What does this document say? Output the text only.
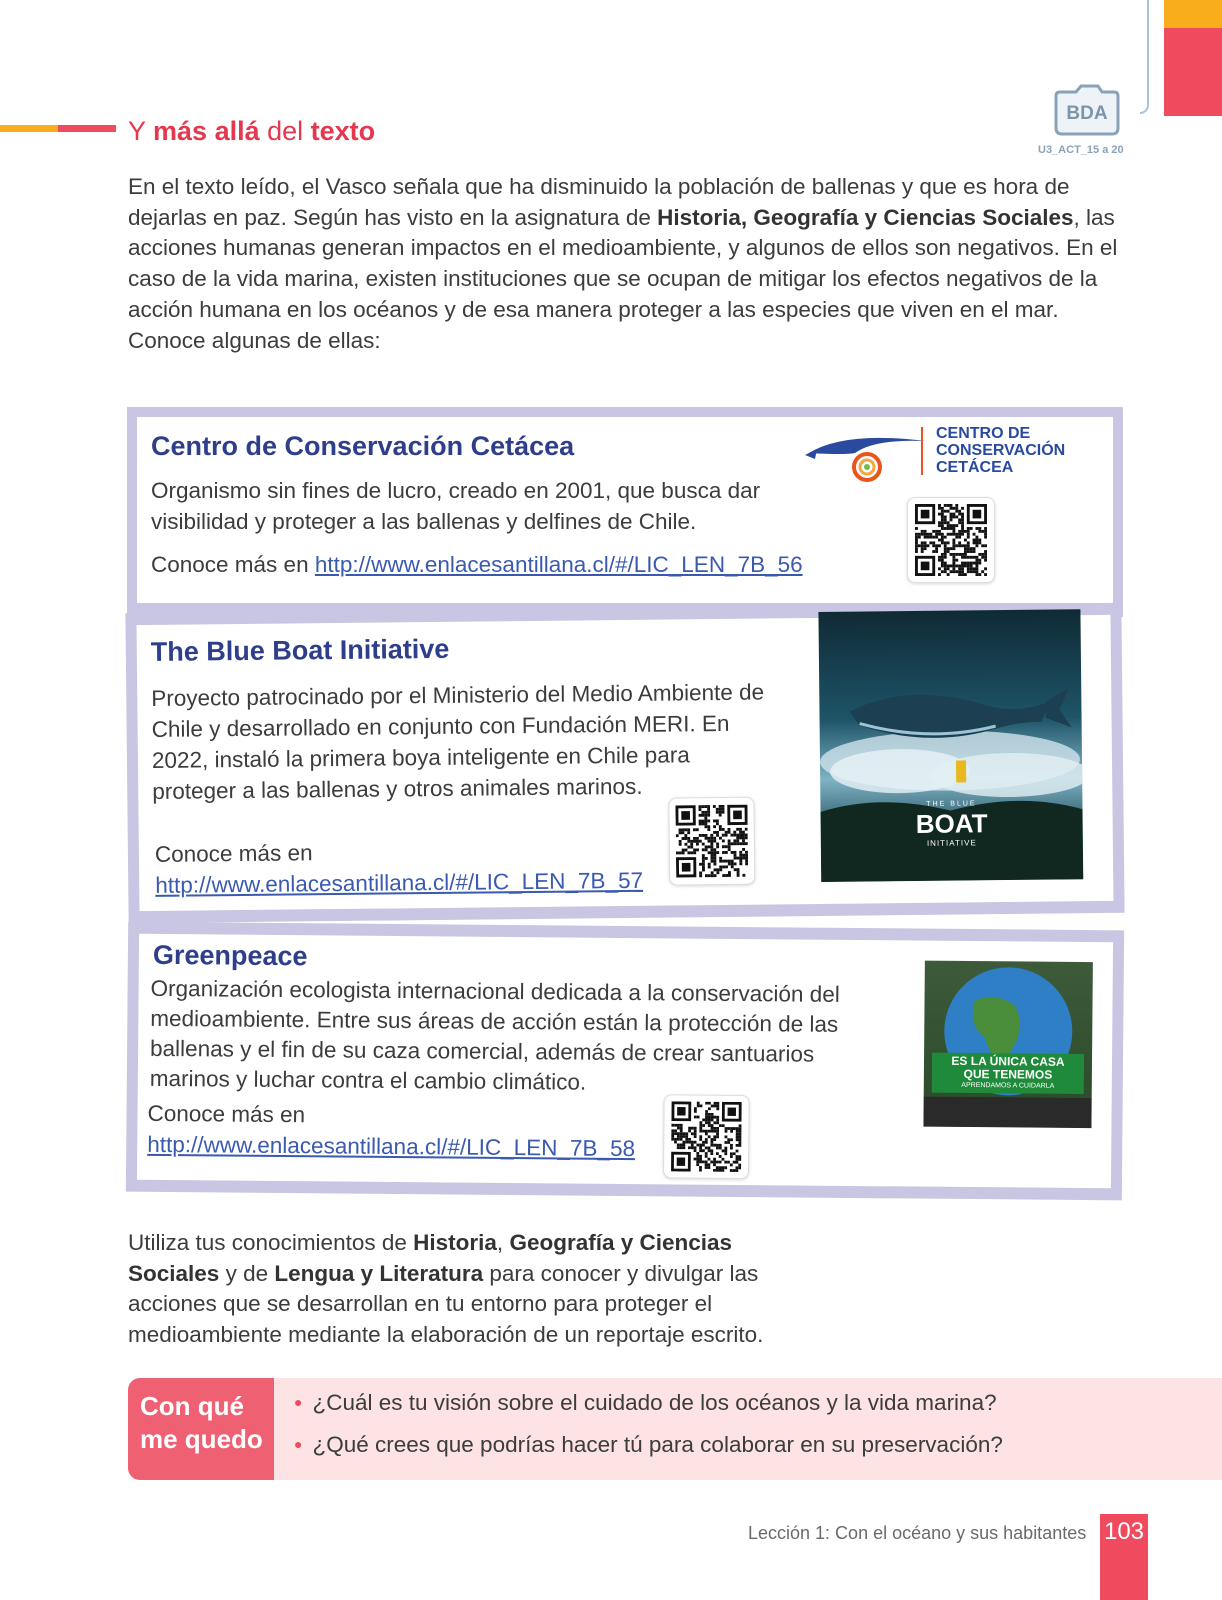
BDA
U3_ACT_15 a 20
Y más allá del texto

En el texto leído, el Vasco señala que ha disminuido la población de ballenas y que es hora de dejarlas en paz. Según has visto en la asignatura de Historia, Geografía y Ciencias Sociales, las acciones humanas generan impactos en el medioambiente, y algunos de ellos son negativos. En el caso de la vida marina, existen instituciones que se ocupan de mitigar los efectos negativos de la acción humana en los océanos y de esa manera proteger a las especies que viven en el mar. Conoce algunas de ellas:

Centro de Conservación Cetácea
Organismo sin fines de lucro, creado en 2001, que busca dar visibilidad y proteger a las ballenas y delfines de Chile.
Conoce más en http://www.enlacesantillana.cl/#/LIC_LEN_7B_56
CENTRO DE
CONSERVACIÓN
CETÁCEA
The Blue Boat Initiative
Proyecto patrocinado por el Ministerio del Medio Ambiente de Chile y desarrollado en conjunto con Fundación MERI. En 2022, instaló la primera boya inteligente en Chile para proteger a las ballenas y otros animales marinos.
Conoce más en
http://www.enlacesantillana.cl/#/LIC_LEN_7B_57
THE BLUE
BOAT
INITIATIVE
Greenpeace
Organización ecologista internacional dedicada a la conservación del medioambiente. Entre sus áreas de acción están la protección de las ballenas y el fin de su caza comercial, además de crear santuarios marinos y luchar contra el cambio climático.
Conoce más en
http://www.enlacesantillana.cl/#/LIC_LEN_7B_58
ES LA ÚNICA CASA
QUE TENEMOS
APRENDAMOS A CUIDARLA

Utiliza tus conocimientos de Historia, Geografía y Ciencias Sociales y de Lengua y Literatura para conocer y divulgar las acciones que se desarrollan en tu entorno para proteger el medioambiente mediante la elaboración de un reportaje escrito.

Con qué
me quedo
● ¿Cuál es tu visión sobre el cuidado de los océanos y la vida marina?
● ¿Qué crees que podrías hacer tú para colaborar en su preservación?
Lección 1: Con el océano y sus habitantes 103
